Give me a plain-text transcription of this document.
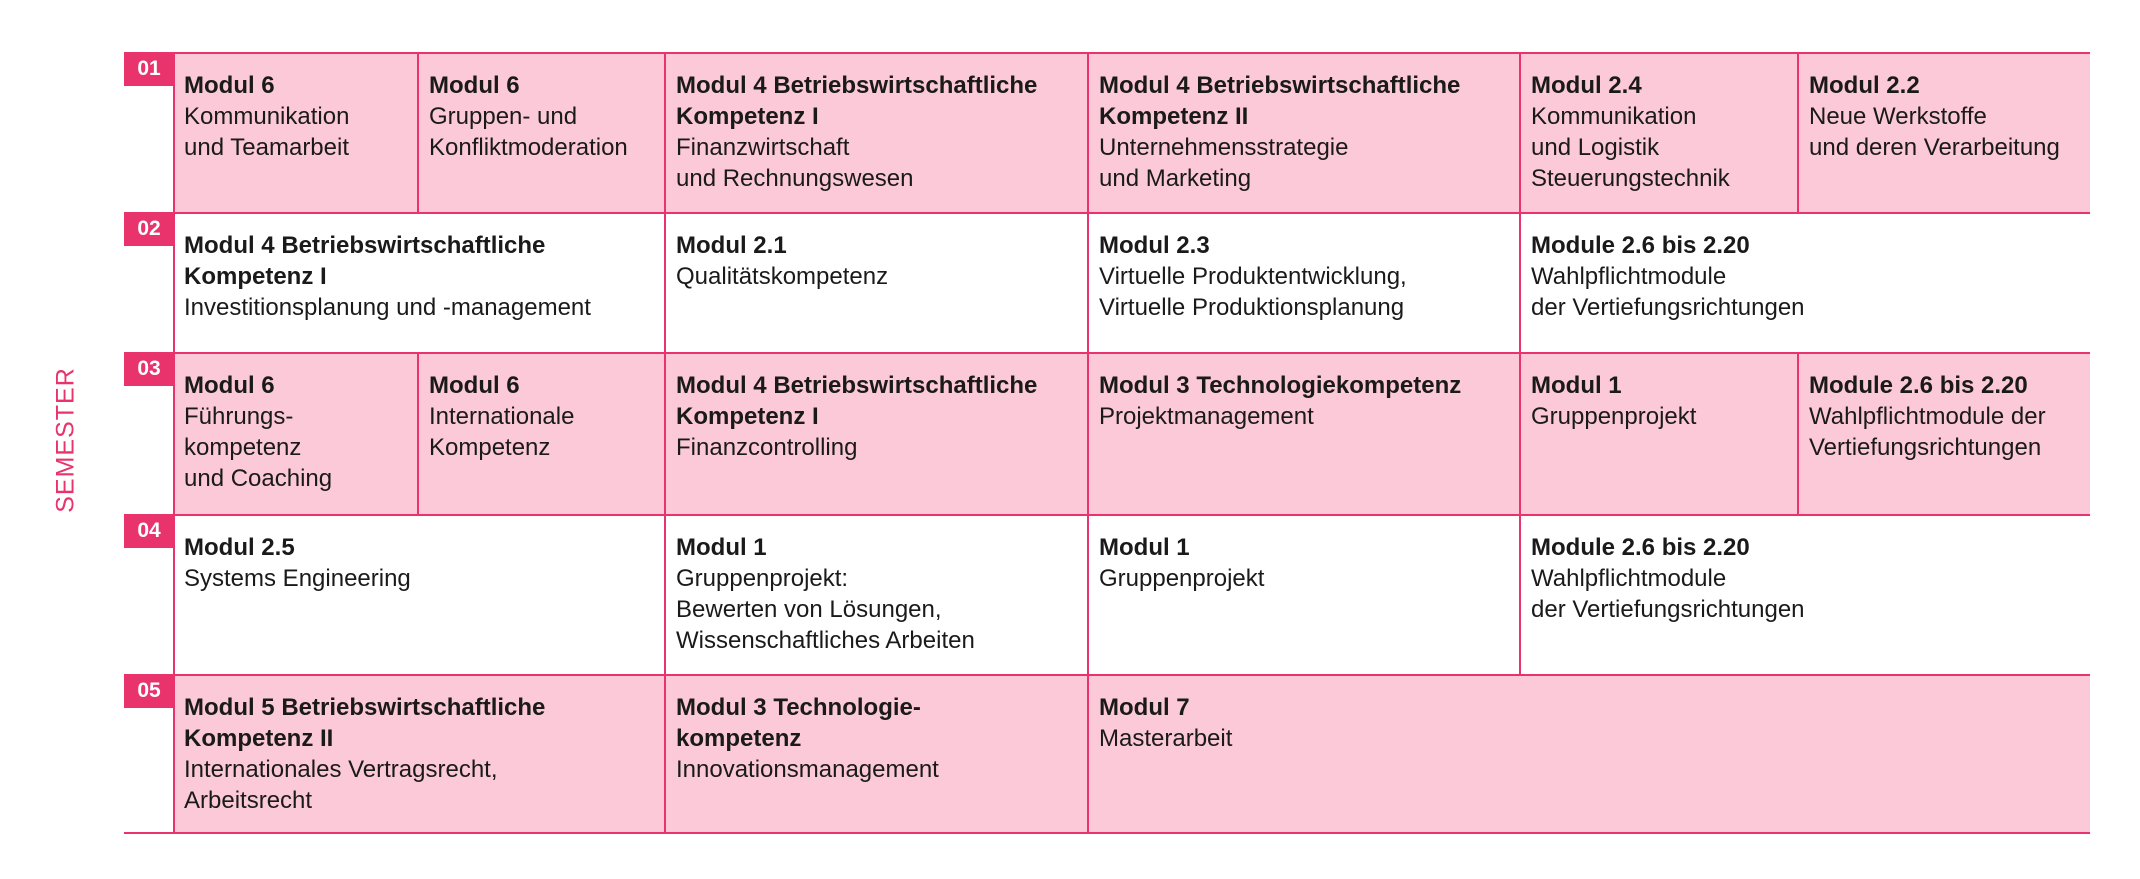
SEMESTER
01
Modul 6
Kommunikation
und Teamarbeit
Modul 6
Gruppen- und
Konfliktmoderation
Modul 4 Betriebswirtschaftliche
Kompetenz I
Finanzwirtschaft
und Rechnungswesen
Modul 4 Betriebswirtschaftliche
Kompetenz II
Unternehmensstrategie
und Marketing
Modul 2.4
Kommunikation
und Logistik
Steuerungstechnik
Modul 2.2
Neue Werkstoffe
und deren Verarbeitung
02
Modul 4 Betriebswirtschaftliche
Kompetenz I
Investitionsplanung und -management
Modul 2.1
Qualitätskompetenz
Modul 2.3
Virtuelle Produktentwicklung,
Virtuelle Produktionsplanung
Module 2.6 bis 2.20
Wahlpflichtmodule
der Vertiefungsrichtungen
03
Modul 6
Führungs-
kompetenz
und Coaching
Modul 6
Internationale
Kompetenz
Modul 4 Betriebswirtschaftliche
Kompetenz I
Finanzcontrolling
Modul 3 Technologiekompetenz
Projektmanagement
Modul 1
Gruppenprojekt
Module 2.6 bis 2.20
Wahlpflichtmodule der
Vertiefungsrichtungen
04
Modul 2.5
Systems Engineering
Modul 1
Gruppenprojekt:
Bewerten von Lösungen,
Wissenschaftliches Arbeiten
Modul 1
Gruppenprojekt
Module 2.6 bis 2.20
Wahlpflichtmodule
der Vertiefungsrichtungen
05
Modul 5 Betriebswirtschaftliche
Kompetenz II
Internationales Vertragsrecht,
Arbeitsrecht
Modul 3 Technologie-
kompetenz
Innovationsmanagement
Modul 7
Masterarbeit
